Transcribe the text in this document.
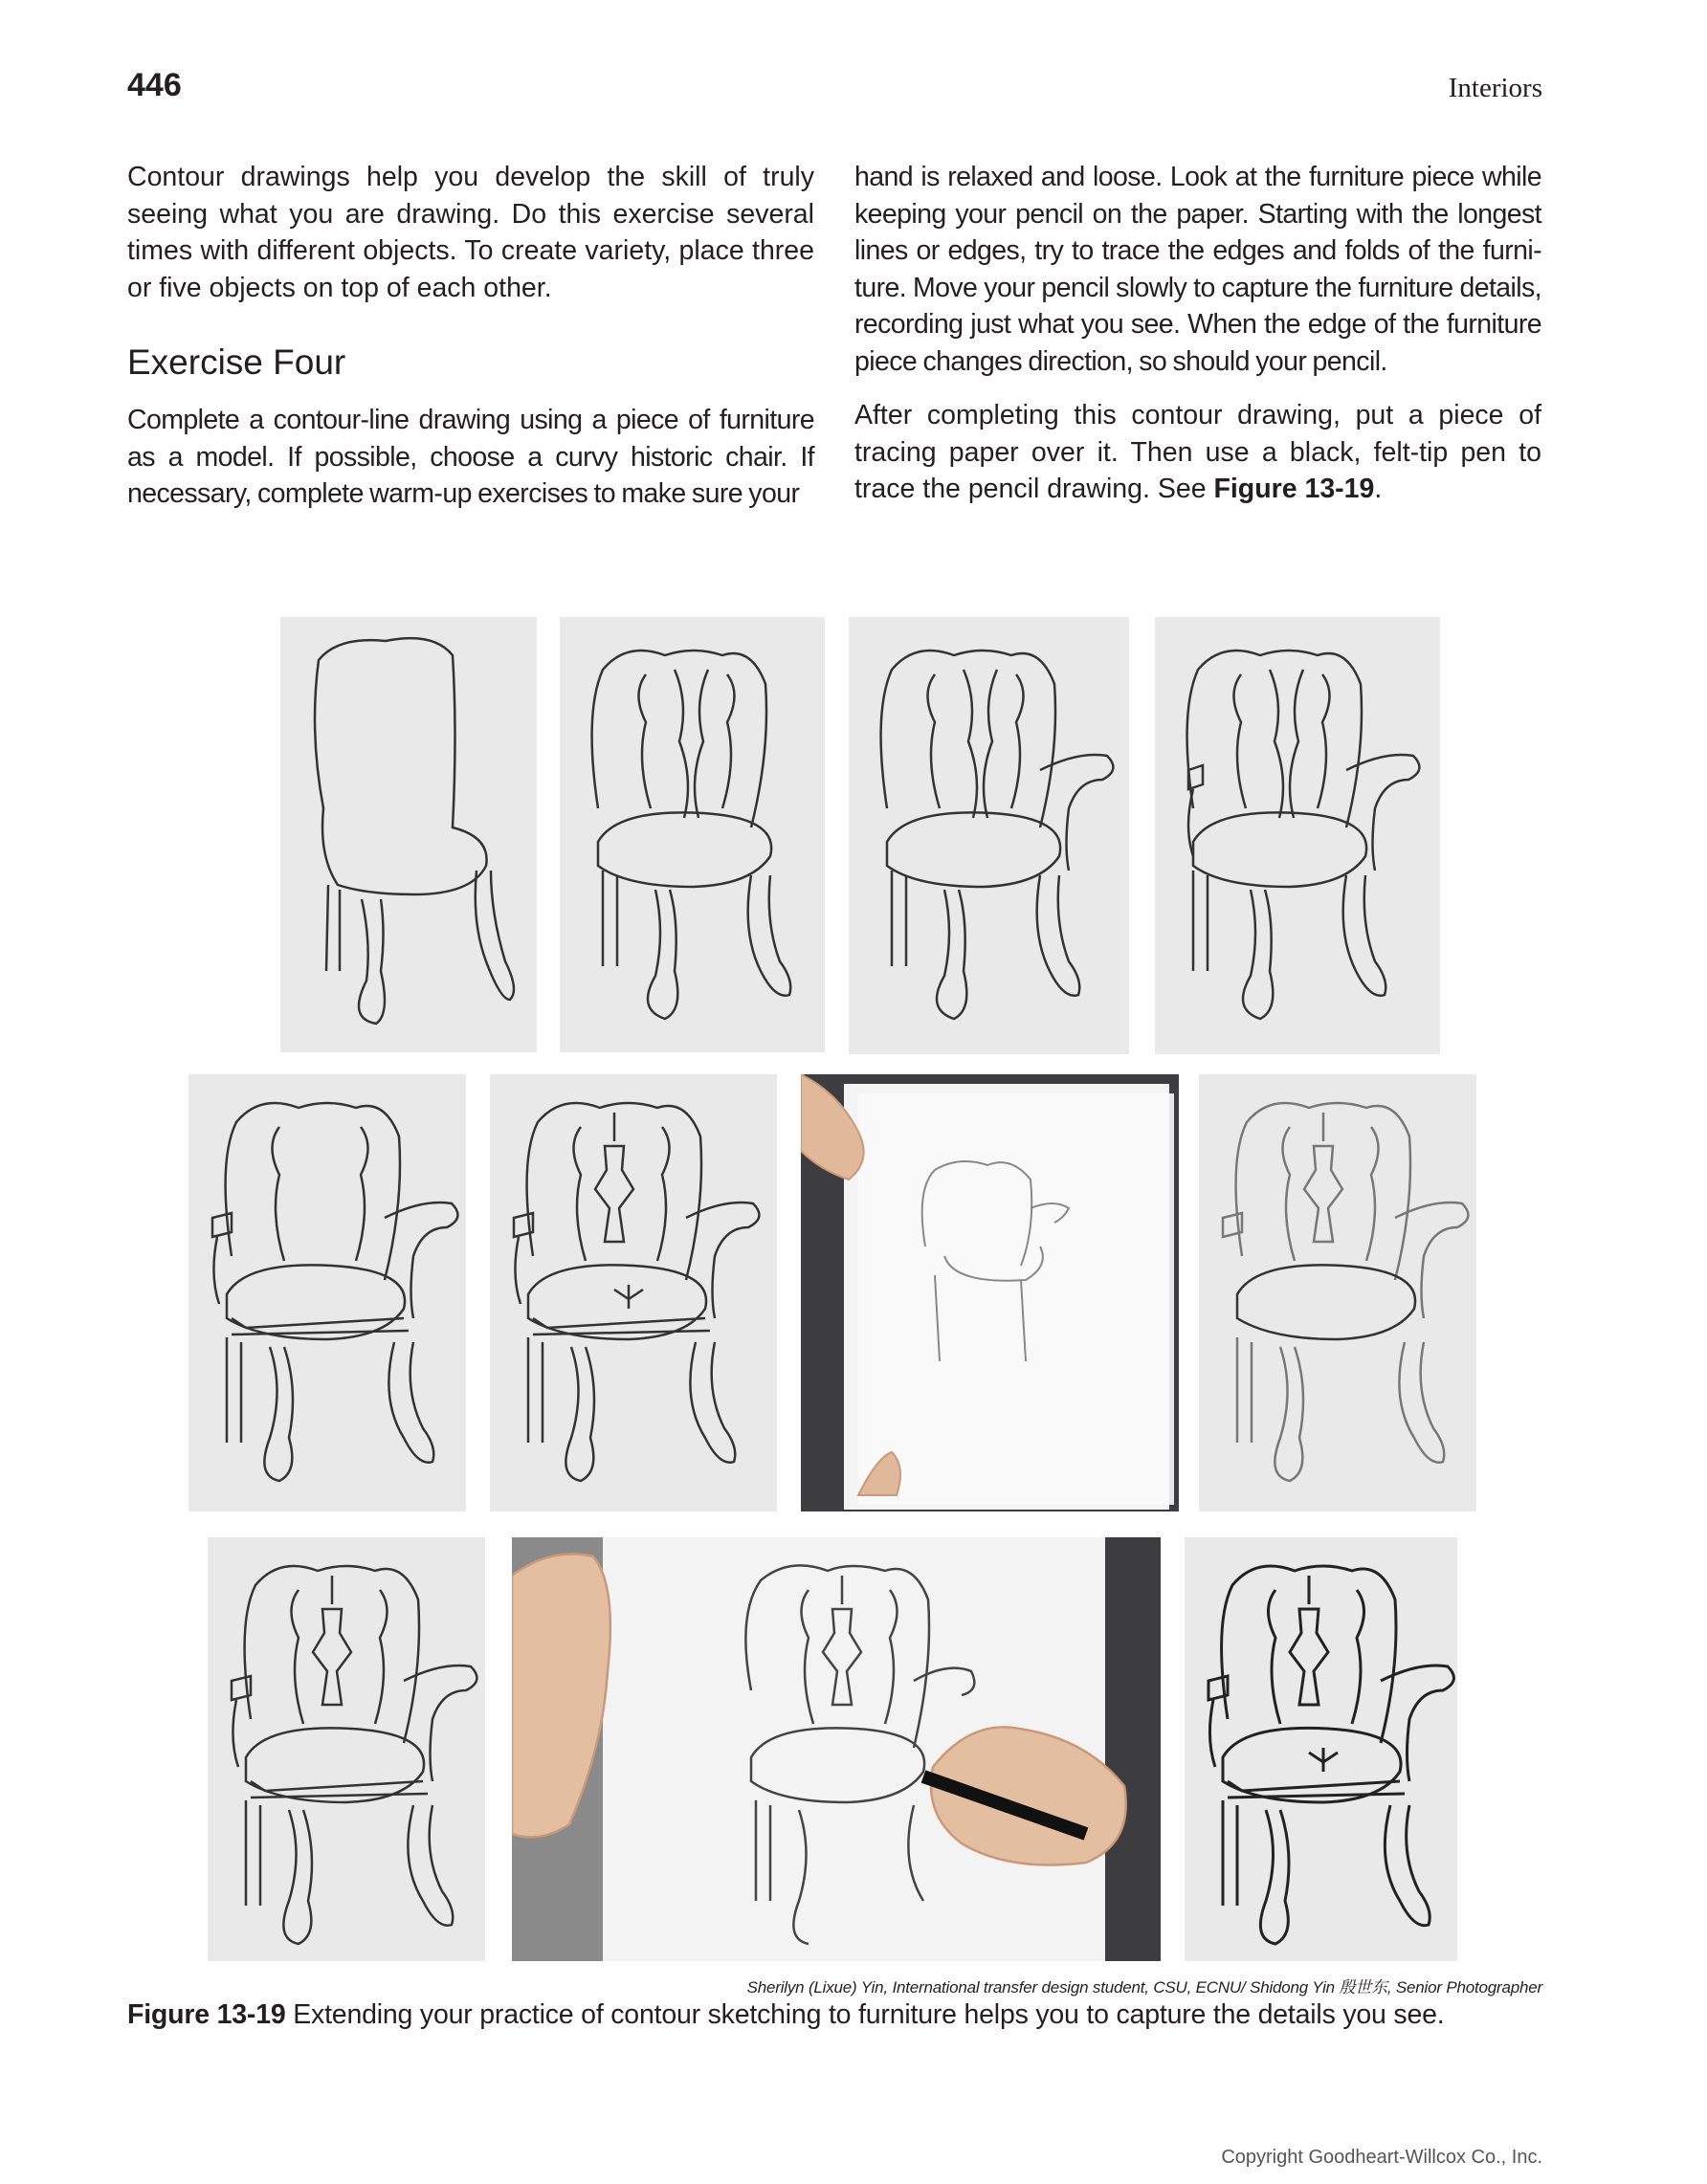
446	Interiors

Contour drawings help you develop the skill of truly seeing what you are drawing. Do this exercise several times with different objects. To create variety, place three or five objects on top of each other.

Exercise Four

Complete a contour-line drawing using a piece of furniture as a model. If possible, choose a curvy historic chair. If necessary, complete warm-up exercises to make sure your

hand is relaxed and loose. Look at the furniture piece while keeping your pencil on the paper. Starting with the longest lines or edges, try to trace the edges and folds of the furni-ture. Move your pencil slowly to capture the furniture details, recording just what you see. When the edge of the furniture piece changes direction, so should your pencil.

After completing this contour drawing, put a piece of tracing paper over it. Then use a black, felt-tip pen to trace the pencil drawing. See Figure 13-19.

Sherilyn (Lixue) Yin, International transfer design student, CSU, ECNU/ Shidong Yin 殷世东, Senior Photographer
Figure 13-19 Extending your practice of contour sketching to furniture helps you to capture the details you see.
Copyright Goodheart-Willcox Co., Inc.
